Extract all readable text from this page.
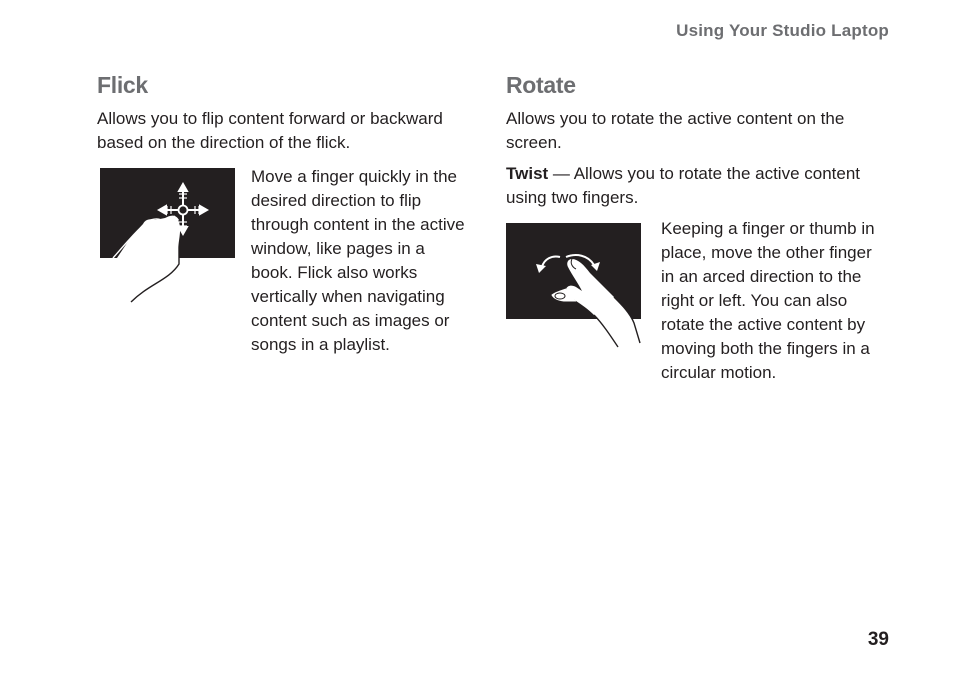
Using Your Studio Laptop
Flick
Allows you to flip content forward or backward based on the direction of the flick.
Move a finger quickly in the desired direction to flip through content in the active window, like pages in a book. Flick also works vertically when navigating content such as images or songs in a playlist.
Rotate
Allows you to rotate the active content on the screen.
Twist — Allows you to rotate the active content using two fingers.
Keeping a finger or thumb in place, move the other finger in an arced direction to the right or left. You can also rotate the active content by moving both the fingers in a circular motion.
39
